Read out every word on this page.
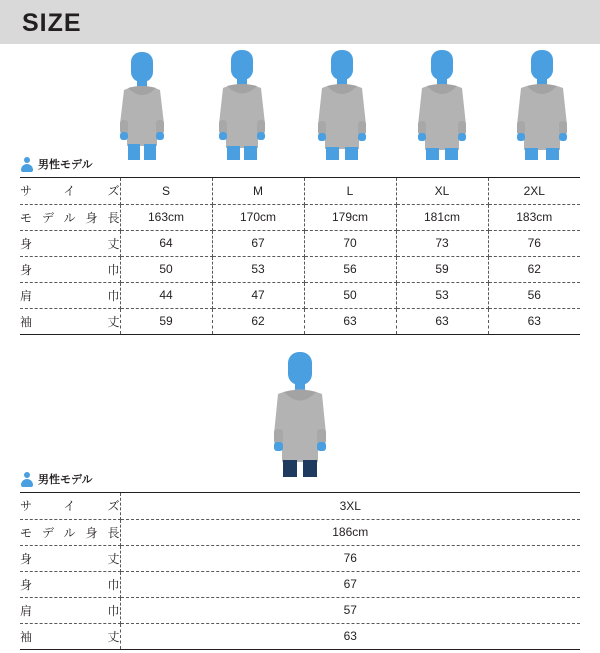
SIZE
男性モデル
サイズ	S	M	L	XL	2XL
モデル身長	163cm	170cm	179cm	181cm	183cm
身　丈	64	67	70	73	76
身　巾	50	53	56	59	62
肩　巾	44	47	50	53	56
袖　丈	59	62	63	63	63
男性モデル
サイズ	3XL
モデル身長	186cm
身　丈	76
身　巾	67
肩　巾	57
袖　丈	63
